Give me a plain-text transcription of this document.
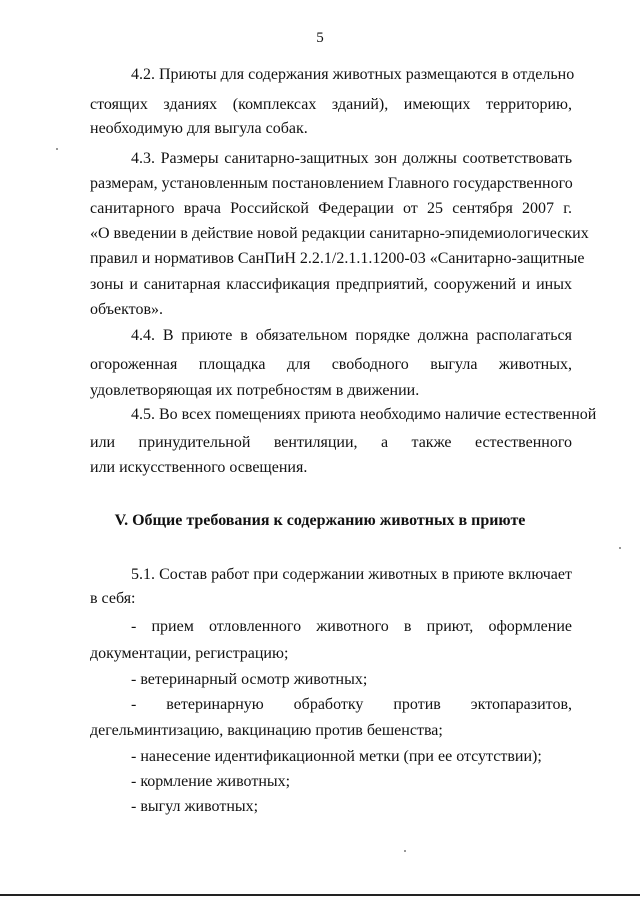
5
4.2. Приюты для содержания животных размещаются в отдельно
стоящих зданиях (комплексах зданий), имеющих территорию,
необходимую для выгула собак.
4.3. Размеры санитарно-защитных зон должны соответствовать
размерам, установленным постановлением Главного государственного
санитарного врача Российской Федерации от 25 сентября 2007 г.
«О введении в действие новой редакции санитарно-эпидемиологических
правил и нормативов СанПиН 2.2.1/2.1.1.1200-03 «Санитарно-защитные
зоны и санитарная классификация предприятий, сооружений и иных
объектов».
4.4. В приюте в обязательном порядке должна располагаться
огороженная площадка для свободного выгула животных,
удовлетворяющая их потребностям в движении.
4.5. Во всех помещениях приюта необходимо наличие естественной
или принудительной вентиляции, а также естественного
или искусственного освещения.
V. Общие требования к содержанию животных в приюте
5.1. Состав работ при содержании животных в приюте включает
в себя:
- прием отловленного животного в приют, оформление
документации, регистрацию;
- ветеринарный осмотр животных;
- ветеринарную обработку против эктопаразитов,
дегельминтизацию, вакцинацию против бешенства;
- нанесение идентификационной метки (при ее отсутствии);
- кормление животных;
- выгул животных;
